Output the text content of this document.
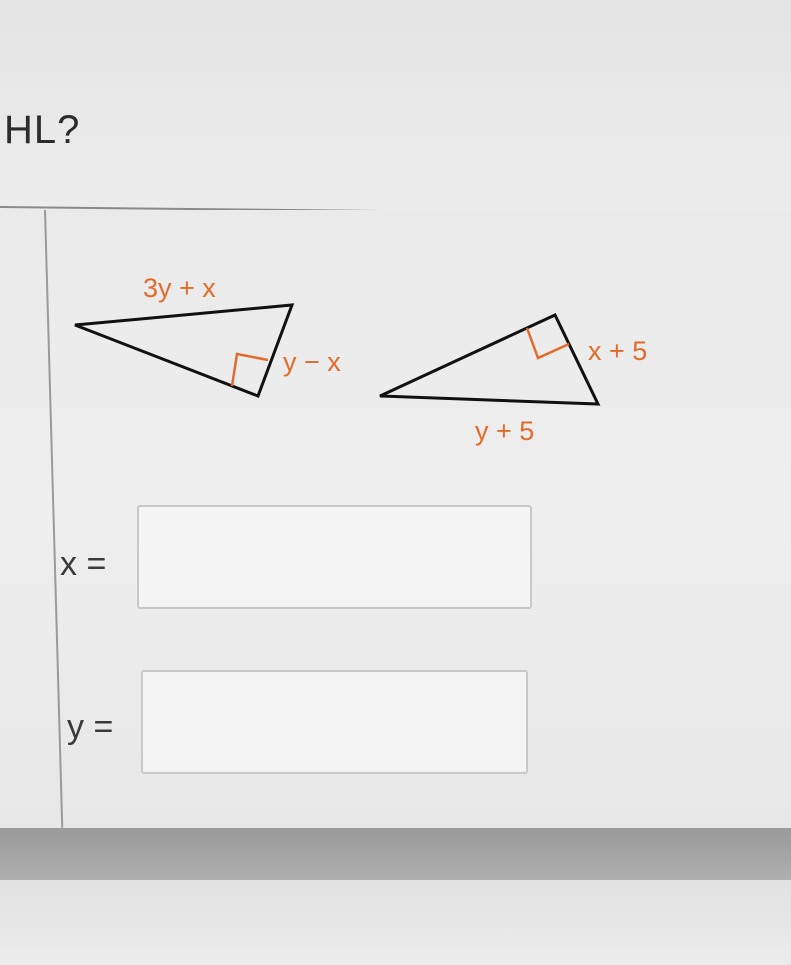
HL?
3y + x
y − x	x + 5
y + 5
x =
y =
